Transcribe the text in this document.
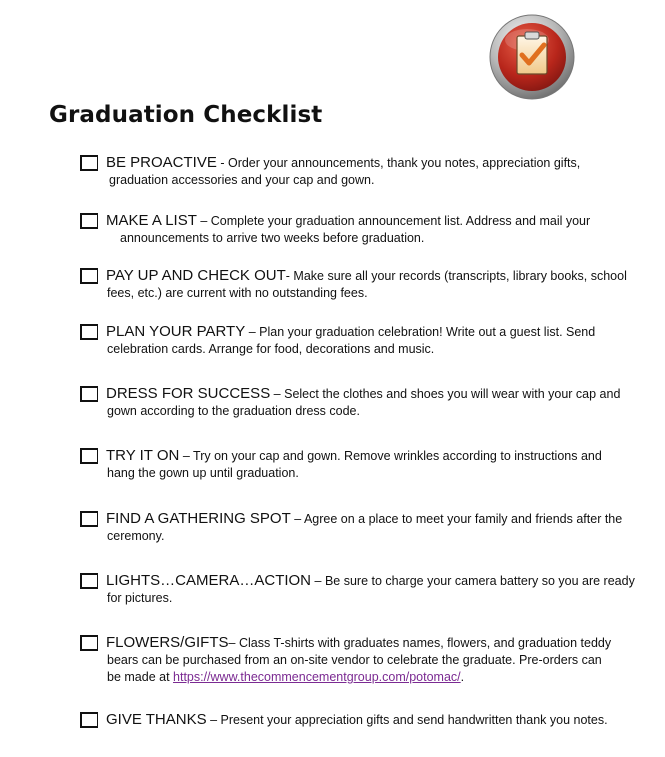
Graduation Checklist
BE PROACTIVE - Order your announcements, thank you notes, appreciation gifts,
graduation accessories and your cap and gown.
MAKE A LIST – Complete your graduation announcement list. Address and mail your
announcements to arrive two weeks before graduation.
PAY UP AND CHECK OUT- Make sure all your records (transcripts, library books, school
fees, etc.) are current with no outstanding fees.
PLAN YOUR PARTY – Plan your graduation celebration! Write out a guest list. Send
celebration cards. Arrange for food, decorations and music.
DRESS FOR SUCCESS – Select the clothes and shoes you will wear with your cap and
gown according to the graduation dress code.
TRY IT ON – Try on your cap and gown. Remove wrinkles according to instructions and
hang the gown up until graduation.
FIND A GATHERING SPOT – Agree on a place to meet your family and friends after the
ceremony.
LIGHTS…CAMERA…ACTION – Be sure to charge your camera battery so you are ready
for pictures.
FLOWERS/GIFTS– Class T-shirts with graduates names, flowers, and graduation teddy
bears can be purchased from an on-site vendor to celebrate the graduate. Pre-orders can
be made at https://www.thecommencementgroup.com/potomac/.
GIVE THANKS – Present your appreciation gifts and send handwritten thank you notes.
